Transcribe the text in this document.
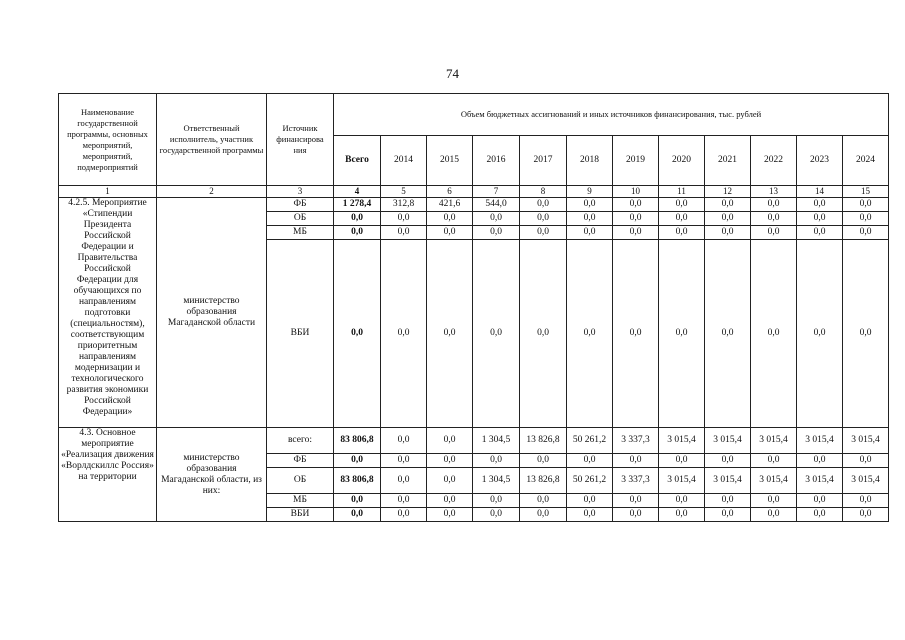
74
Наименование государственной программы, основных мероприятий, мероприятий, подмероприятий	Ответственный исполнитель, участник государственной программы	Источник финансирова ния	Объем бюджетных ассигнований и иных источников финансирования, тыс. рублей											
			Всего	2014	2015	2016	2017	2018	2019	2020	2021	2022	2023	2024
1	2	3	4	5	6	7	8	9	10	11	12	13	14	15
4.2.5. Мероприятие «Стипендии Президента Российской Федерации и Правительства Российской Федерации для обучающихся по направлениям подготовки (специальностям), соответствующим приоритетным направлениям модернизации и технологического развития экономики Российской Федерации»	министерство образования Магаданской области	ФБ	1 278,4	312,8	421,6	544,0	0,0	0,0	0,0	0,0	0,0	0,0	0,0	0,0
		ОБ	0,0	0,0	0,0	0,0	0,0	0,0	0,0	0,0	0,0	0,0	0,0	0,0
		МБ	0,0	0,0	0,0	0,0	0,0	0,0	0,0	0,0	0,0	0,0	0,0	0,0
		ВБИ	0,0	0,0	0,0	0,0	0,0	0,0	0,0	0,0	0,0	0,0	0,0	0,0
4.3. Основное мероприятие «Реализация движения «Ворлдскиллс Россия» на территории	министерство образования Магаданской области, из них:	всего:	83 806,8	0,0	0,0	1 304,5	13 826,8	50 261,2	3 337,3	3 015,4	3 015,4	3 015,4	3 015,4	3 015,4
		ФБ	0,0	0,0	0,0	0,0	0,0	0,0	0,0	0,0	0,0	0,0	0,0	0,0
		ОБ	83 806,8	0,0	0,0	1 304,5	13 826,8	50 261,2	3 337,3	3 015,4	3 015,4	3 015,4	3 015,4	3 015,4
		МБ	0,0	0,0	0,0	0,0	0,0	0,0	0,0	0,0	0,0	0,0	0,0	0,0
		ВБИ	0,0	0,0	0,0	0,0	0,0	0,0	0,0	0,0	0,0	0,0	0,0	0,0
